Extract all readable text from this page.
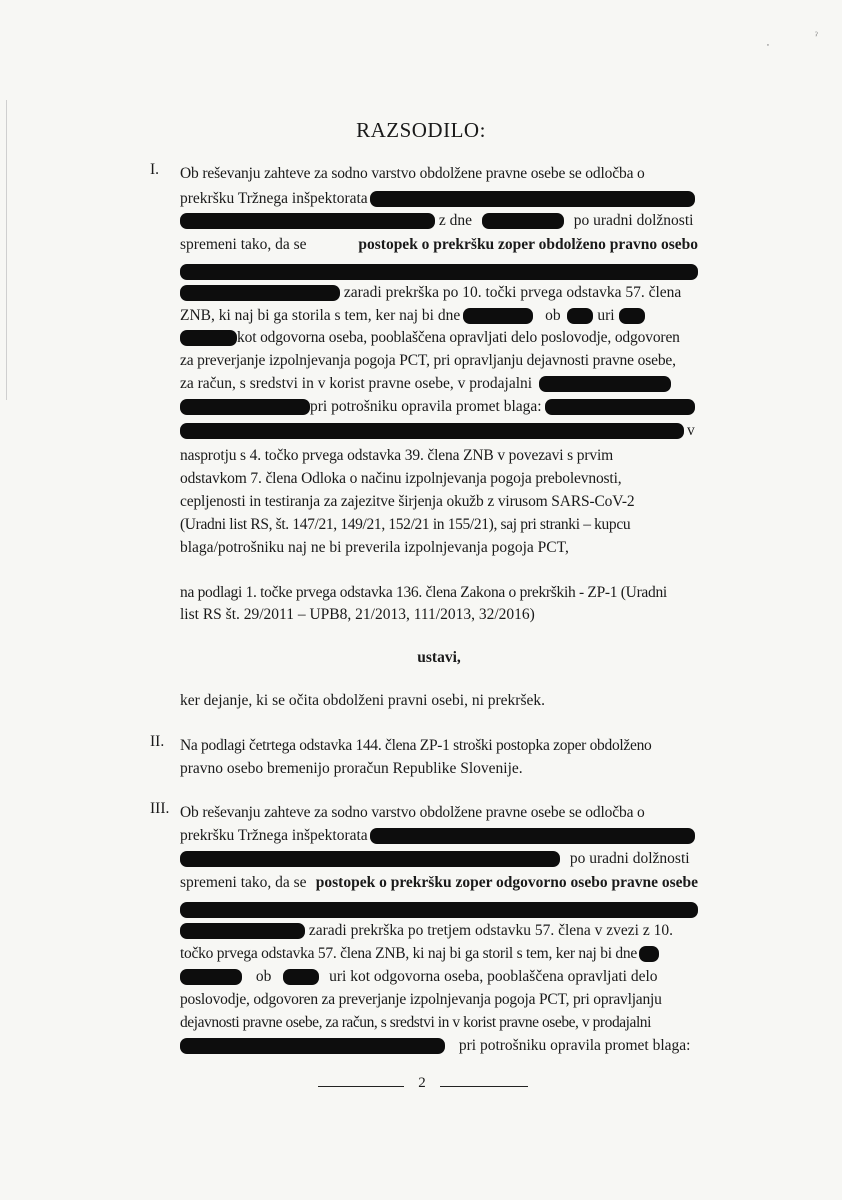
٠
ˀ
RAZSODILO:
I. Ob reševanju zahteve za sodno varstvo obdolžene pravne osebe se odločba o
prekršku Tržnega inšpektorata
z dne	po uradni dolžnosti
spremeni tako, da se	postopek o prekršku zoper obdolženo pravno osebo
zaradi prekrška po 10. točki prvega odstavka 57. člena
ZNB, ki naj bi ga storila s tem, ker naj bi dne	ob uri
kot odgovorna oseba, pooblaščena opravljati delo poslovodje, odgovoren
za preverjanje izpolnjevanja pogoja PCT, pri opravljanju dejavnosti pravne osebe,
za račun, s sredstvi in v korist pravne osebe, v prodajalni
pri potrošniku opravila promet blaga:
v
nasprotju s 4. točko prvega odstavka 39. člena ZNB v povezavi s prvim
odstavkom 7. člena Odloka o načinu izpolnjevanja pogoja prebolevnosti,
cepljenosti in testiranja za zajezitve širjenja okužb z virusom SARS-CoV-2
(Uradni list RS, št. 147/21, 149/21, 152/21 in 155/21), saj pri stranki – kupcu
blaga/potrošniku naj ne bi preverila izpolnjevanja pogoja PCT,
na podlagi 1. točke prvega odstavka 136. člena Zakona o prekrških - ZP-1 (Uradni
list RS št. 29/2011 – UPB8, 21/2013, 111/2013, 32/2016)
ustavi,
ker dejanje, ki se očita obdolženi pravni osebi, ni prekršek.
II. Na podlagi četrtega odstavka 144. člena ZP-1 stroški postopka zoper obdolženo
pravno osebo bremenijo proračun Republike Slovenije.
III. Ob reševanju zahteve za sodno varstvo obdolžene pravne osebe se odločba o
prekršku Tržnega inšpektorata
po uradni dolžnosti
spremeni tako, da se postopek o prekršku zoper odgovorno osebo pravne osebe
zaradi prekrška po tretjem odstavku 57. člena v zvezi z 10.
točko prvega odstavka 57. člena ZNB, ki naj bi ga storil s tem, ker naj bi dne
ob	uri kot odgovorna oseba, pooblaščena opravljati delo
poslovodje, odgovoren za preverjanje izpolnjevanja pogoja PCT, pri opravljanju
dejavnosti pravne osebe, za račun, s sredstvi in v korist pravne osebe, v prodajalni
pri potrošniku opravila promet blaga:
2
